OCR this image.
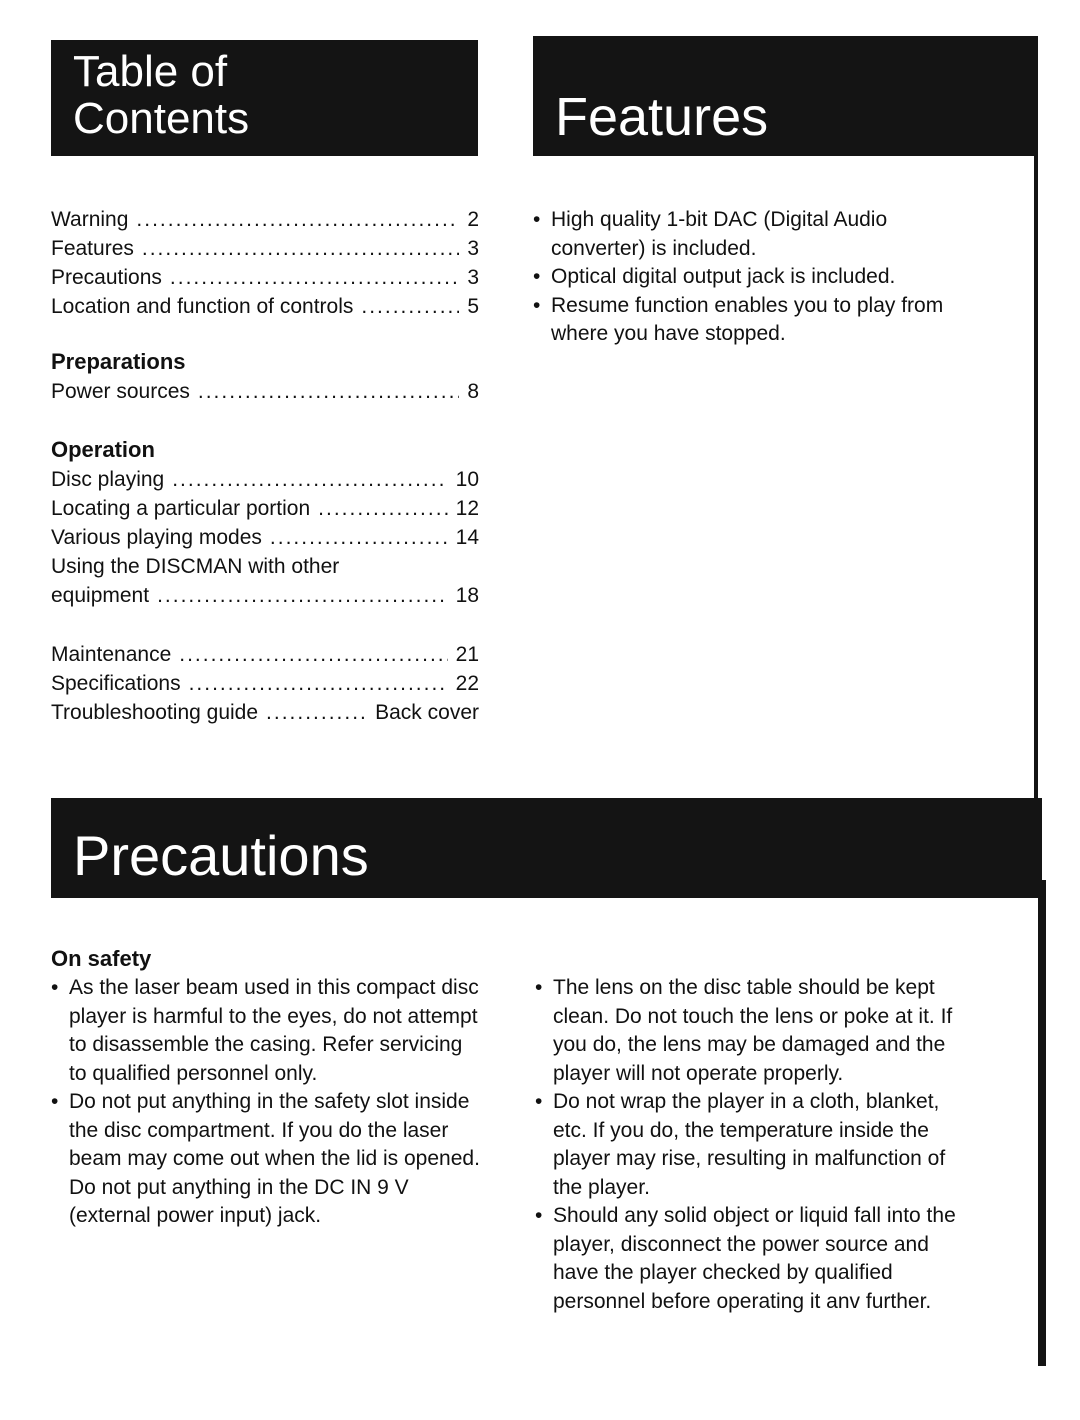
Table of
Contents	Features
Precautions
Warning .....	2
Features .....	3
Precautions .....	3
Location and function of controls .....	5
Preparations
Power sources .....	8
Operation
Disc playing .....	10
Locating a particular portion .....	12
Various playing modes .....	14
Using the DISCMAN with other
equipment .....	18
Maintenance .....	21
Specifications .....	22
Troubleshooting guide .....	Back cover
• High quality 1-bit DAC (Digital Audio converter) is included.
• Optical digital output jack is included.
• Resume function enables you to play from where you have stopped.
On safety
• As the laser beam used in this compact disc player is harmful to the eyes, do not attempt to disassemble the casing. Refer servicing to qualified personnel only.
• Do not put anything in the safety slot inside the disc compartment. If you do the laser beam may come out when the lid is opened. Do not put anything in the DC IN 9 V (external power input) jack.
• The lens on the disc table should be kept clean. Do not touch the lens or poke at it. If you do, the lens may be damaged and the player will not operate properly.
• Do not wrap the player in a cloth, blanket, etc. If you do, the temperature inside the player may rise, resulting in malfunction of the player.
• Should any solid object or liquid fall into the player, disconnect the power source and have the player checked by qualified personnel before operating it anv further.
